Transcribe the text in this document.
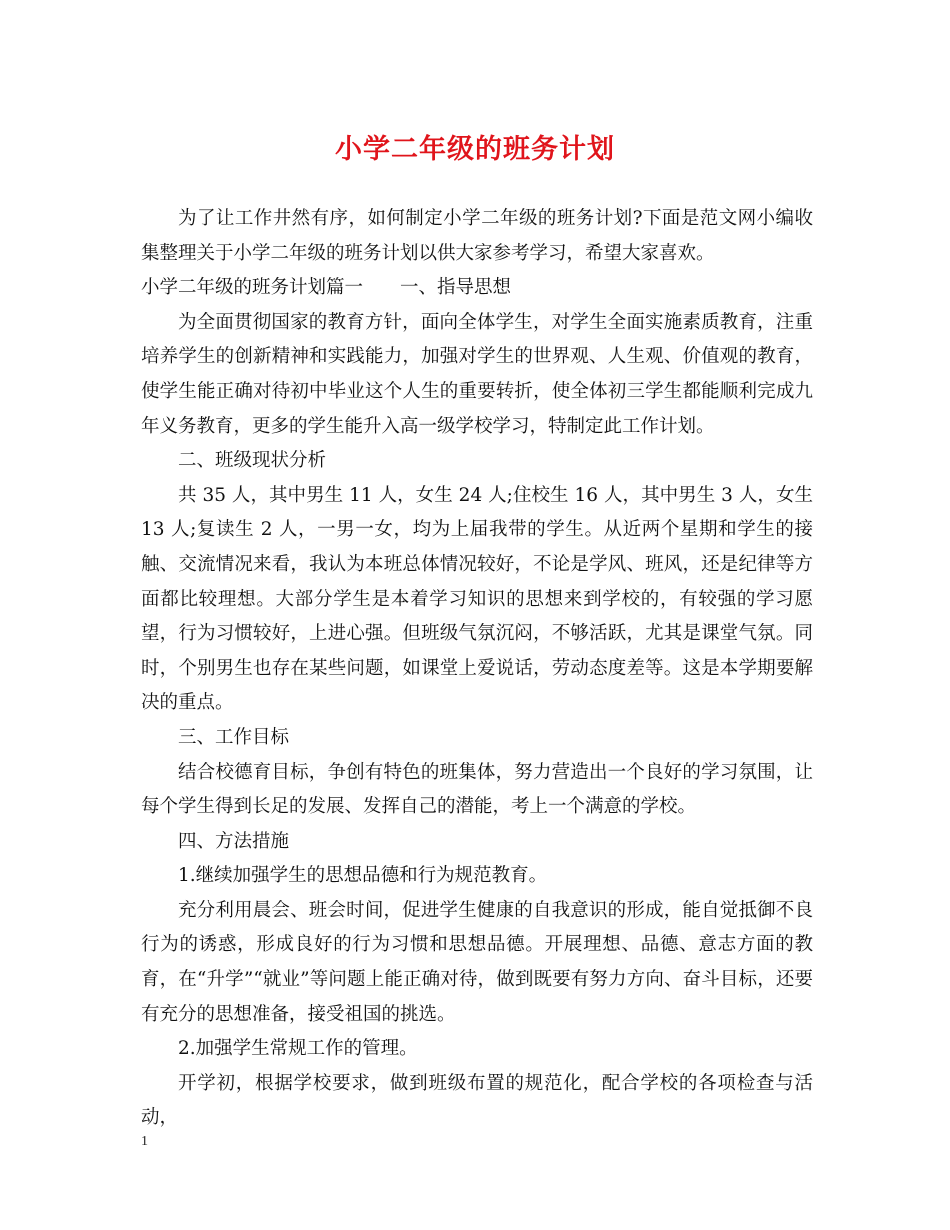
小学二年级的班务计划

为了让工作井然有序，如何制定小学二年级的班务计划?下面是范文网小编收集整理关于小学二年级的班务计划以供大家参考学习，希望大家喜欢。

小学二年级的班务计划篇一　　一、指导思想

为全面贯彻国家的教育方针，面向全体学生，对学生全面实施素质教育，注重培养学生的创新精神和实践能力，加强对学生的世界观、人生观、价值观的教育，使学生能正确对待初中毕业这个人生的重要转折，使全体初三学生都能顺利完成九年义务教育，更多的学生能升入高一级学校学习，特制定此工作计划。

二、班级现状分析

共 35 人，其中男生 11 人，女生 24 人;住校生 16 人，其中男生 3 人，女生 13 人;复读生 2 人，一男一女，均为上届我带的学生。从近两个星期和学生的接触、交流情况来看，我认为本班总体情况较好，不论是学风、班风，还是纪律等方面都比较理想。大部分学生是本着学习知识的思想来到学校的，有较强的学习愿望，行为习惯较好，上进心强。但班级气氛沉闷，不够活跃，尤其是课堂气氛。同时，个别男生也存在某些问题，如课堂上爱说话，劳动态度差等。这是本学期要解决的重点。

三、工作目标

结合校德育目标，争创有特色的班集体，努力营造出一个良好的学习氛围，让每个学生得到长足的发展、发挥自己的潜能，考上一个满意的学校。

四、方法措施

1.继续加强学生的思想品德和行为规范教育。

充分利用晨会、班会时间，促进学生健康的自我意识的形成，能自觉抵御不良行为的诱惑，形成良好的行为习惯和思想品德。开展理想、品德、意志方面的教育，在“升学”“就业”等问题上能正确对待，做到既要有努力方向、奋斗目标，还要有充分的思想准备，接受祖国的挑选。

2.加强学生常规工作的管理。

开学初，根据学校要求，做到班级布置的规范化，配合学校的各项检查与活动，

1
